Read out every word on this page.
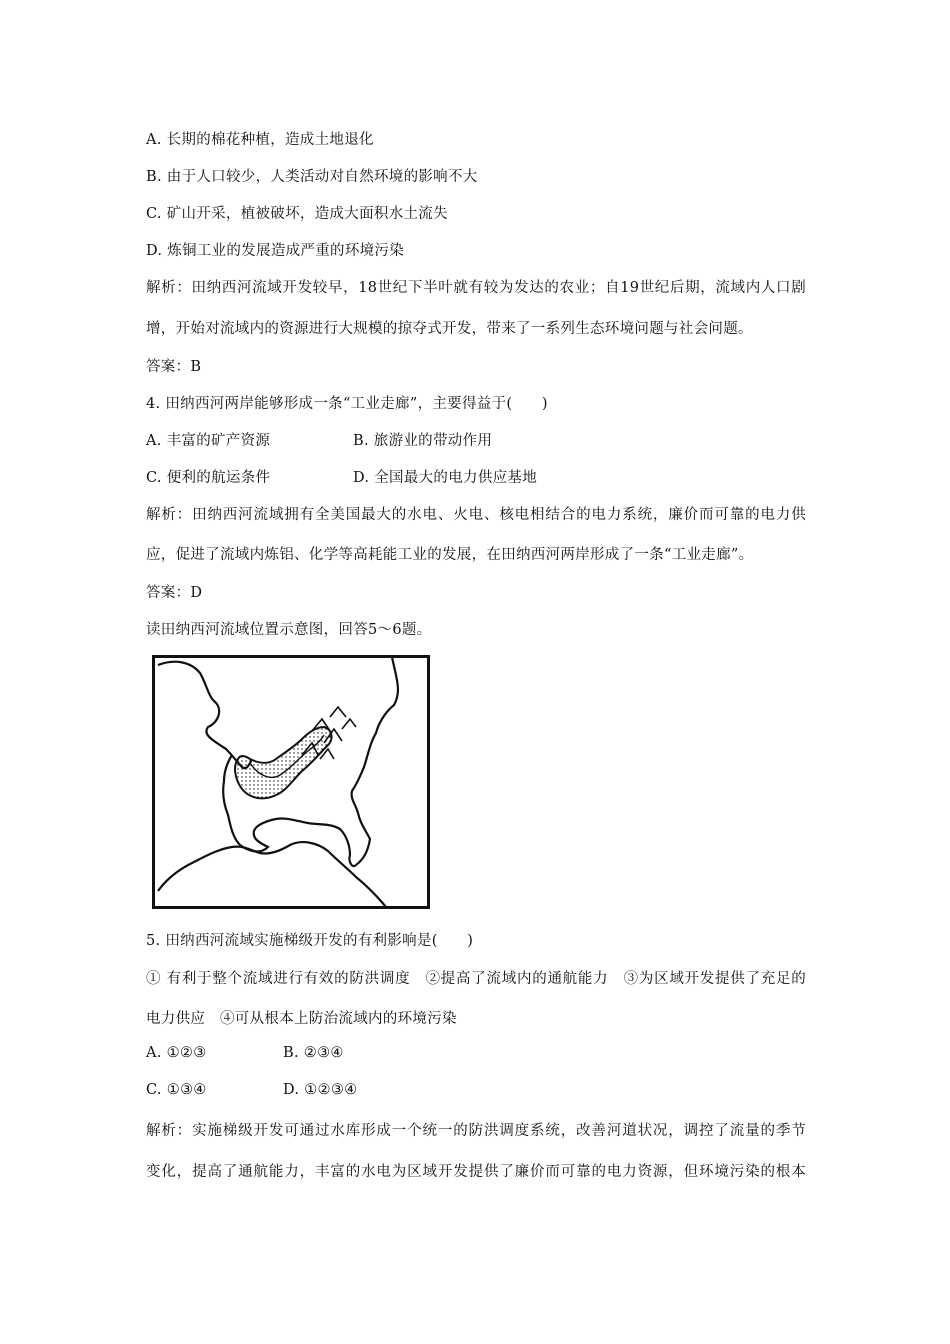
A. 长期的棉花种植，造成土地退化
B. 由于人口较少，人类活动对自然环境的影响不大
C. 矿山开采，植被破坏，造成大面积水土流失
D. 炼铜工业的发展造成严重的环境污染
解析：田纳西河流域开发较早，18世纪下半叶就有较为发达的农业；自19世纪后期，流域内人口剧
增，开始对流域内的资源进行大规模的掠夺式开发，带来了一系列生态环境问题与社会问题。
答案：B
4. 田纳西河两岸能够形成一条“工业走廊”，主要得益于(　　)
A. 丰富的矿产资源	B. 旅游业的带动作用
C. 便利的航运条件	D. 全国最大的电力供应基地
解析：田纳西河流域拥有全美国最大的水电、火电、核电相结合的电力系统，廉价而可靠的电力供
应，促进了流域内炼铝、化学等高耗能工业的发展，在田纳西河两岸形成了一条“工业走廊”。
答案：D
读田纳西河流域位置示意图，回答5～6题。
5. 田纳西河流域实施梯级开发的有利影响是(　　)
① 有利于整个流域进行有效的防洪调度　②提高了流域内的通航能力　③为区域开发提供了充足的
电力供应　④可从根本上防治流域内的环境污染
A. ①②③	B. ②③④
C. ①③④	D. ①②③④
解析：实施梯级开发可通过水库形成一个统一的防洪调度系统，改善河道状况，调控了流量的季节
变化，提高了通航能力，丰富的水电为区域开发提供了廉价而可靠的电力资源，但环境污染的根本
